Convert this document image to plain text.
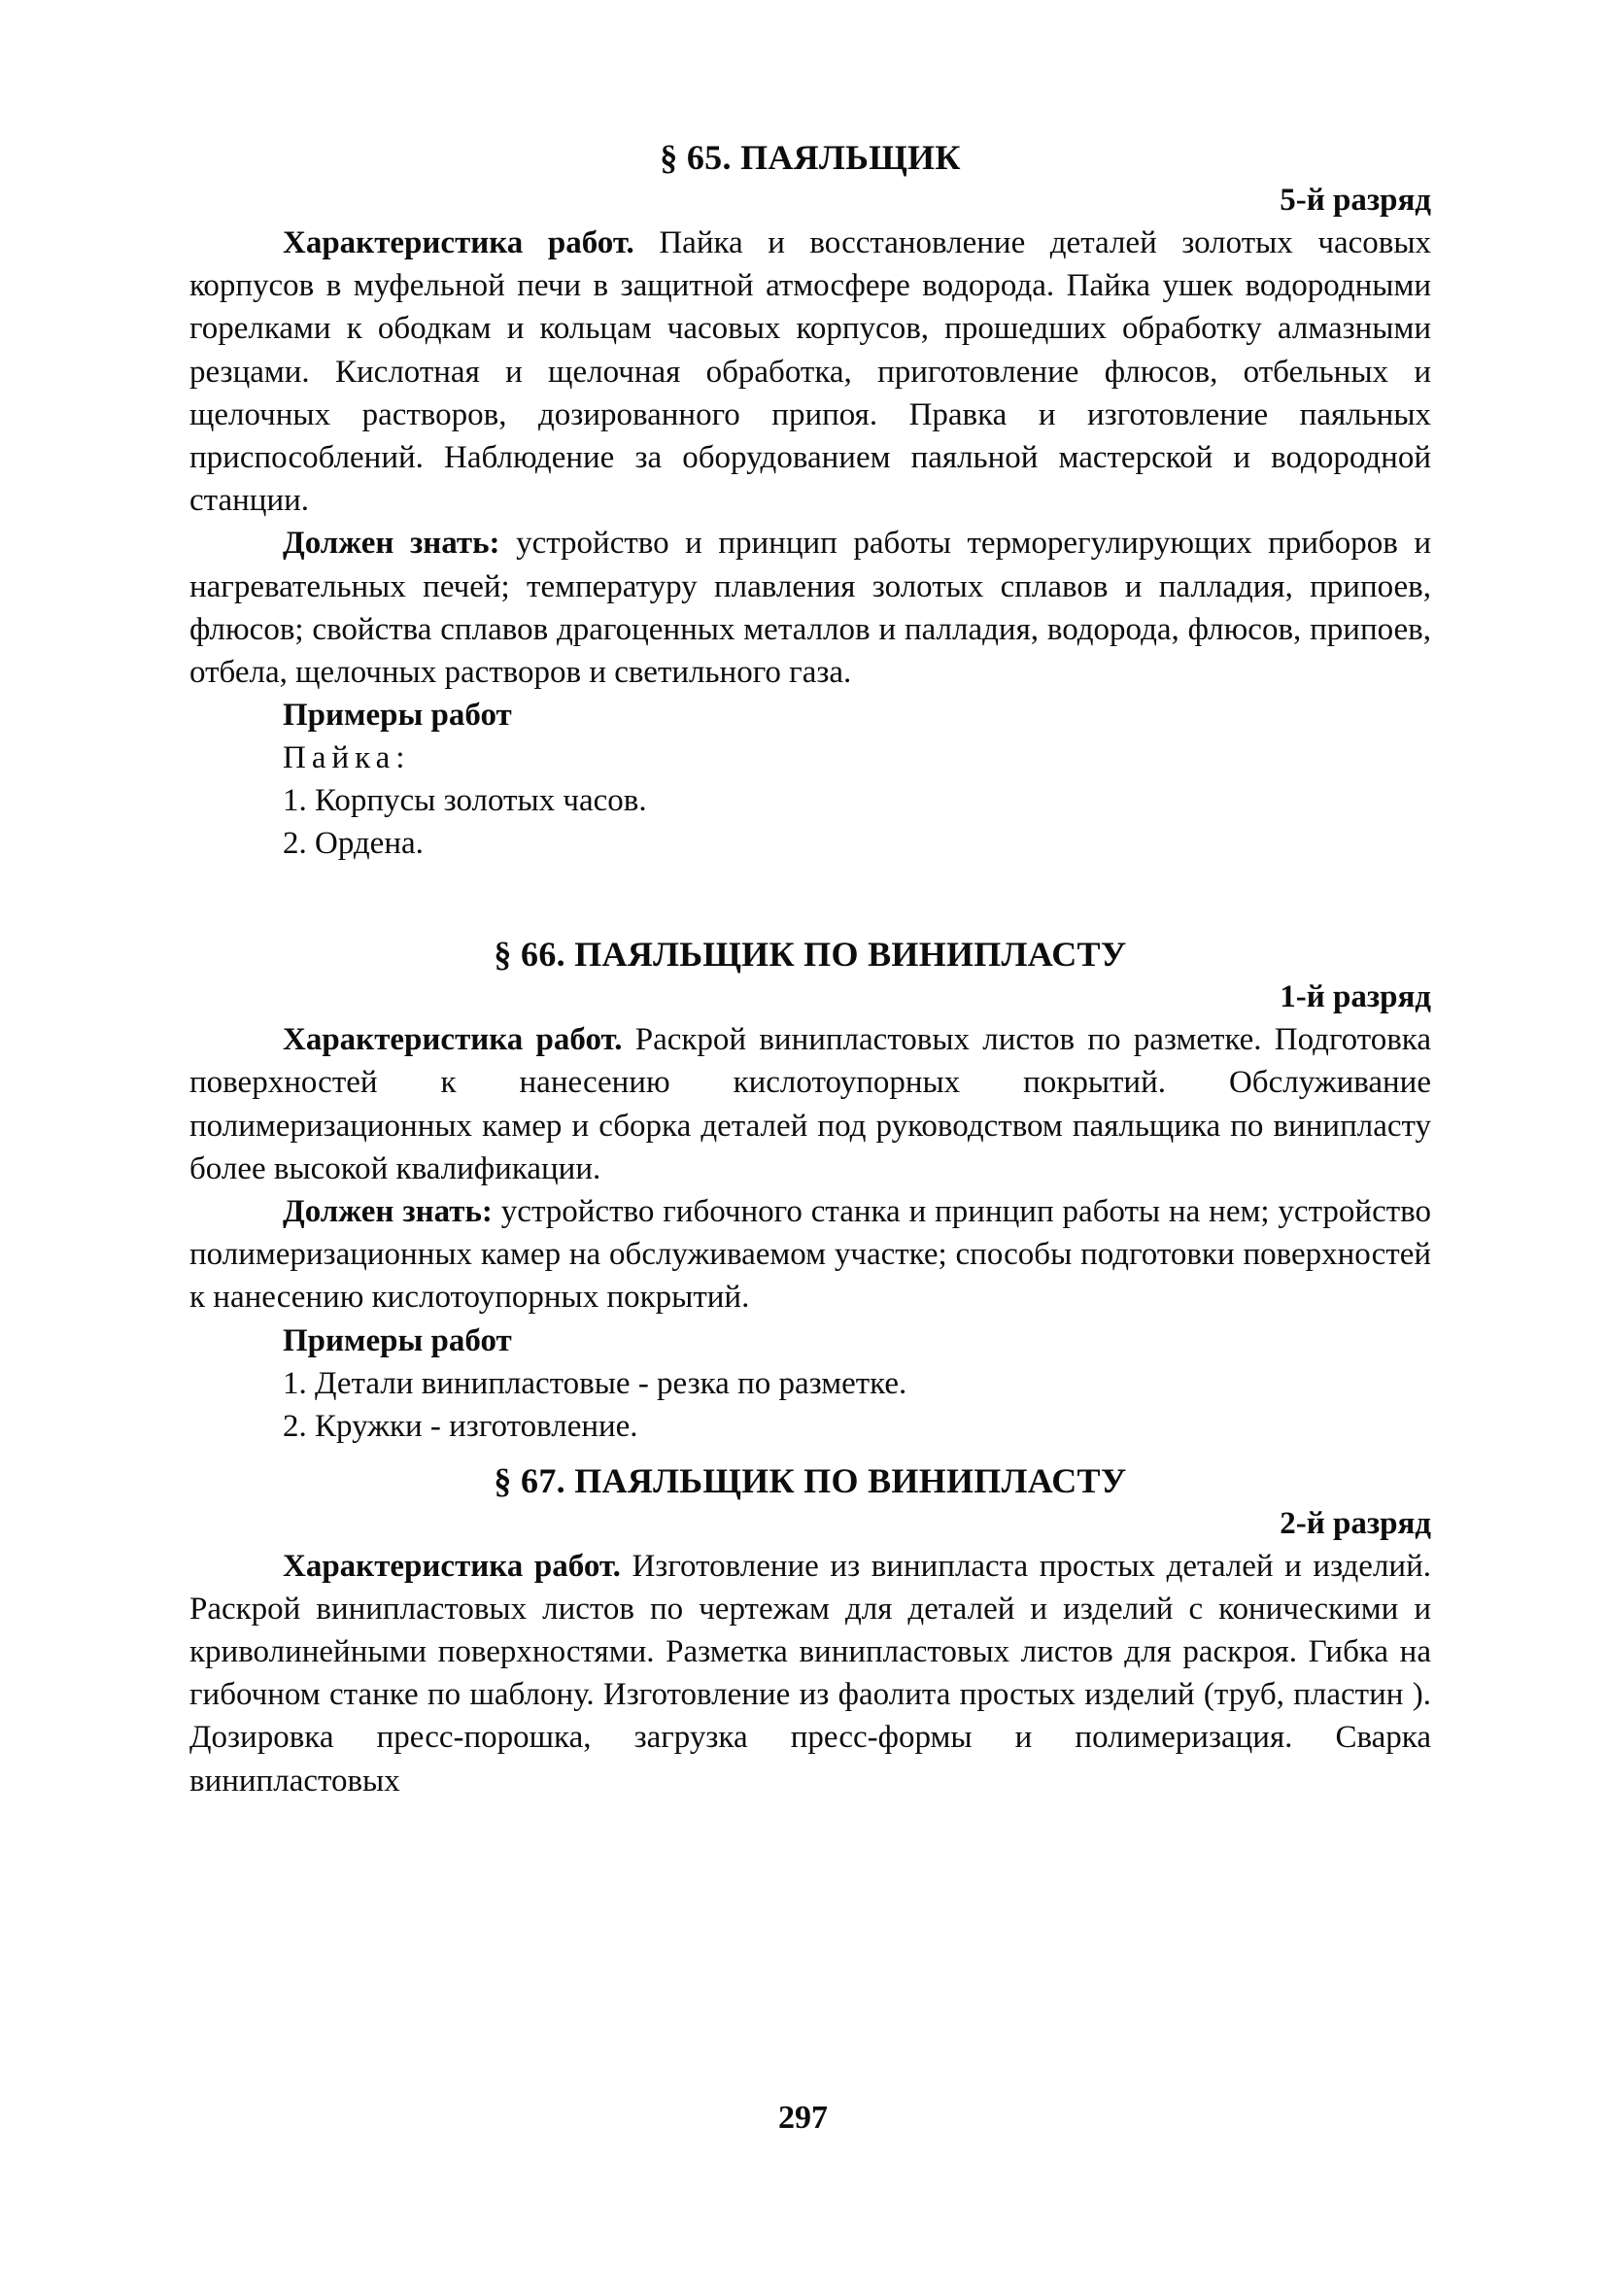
§ 65. ПАЯЛЬЩИК

5-й разряд

Характеристика работ. Пайка и восстановление деталей золотых часовых корпусов в муфельной печи в защитной атмосфере водорода. Пайка ушек водородными горелками к ободкам и кольцам часовых корпусов, прошедших обработку алмазными резцами. Кислотная и щелочная обработка, приготовление флюсов, отбельных и щелочных растворов, дозированного припоя. Правка и изготовление паяльных приспособлений. Наблюдение за оборудованием паяльной мастерской и водородной станции.

Должен знать: устройство и принцип работы терморегулирующих приборов и нагревательных печей; температуру плавления золотых сплавов и палладия, припоев, флюсов; свойства сплавов драгоценных металлов и палладия, водорода, флюсов, припоев, отбела, щелочных растворов и светильного газа.

Примеры работ

Пайка:

1. Корпусы золотых часов.

2. Ордена.

§ 66. ПАЯЛЬЩИК ПО ВИНИПЛАСТУ

1-й разряд

Характеристика работ. Раскрой винипластовых листов по разметке. Подготовка поверхностей к нанесению кислотоупорных покрытий. Обслуживание полимеризационных камер и сборка деталей под руководством паяльщика по винипласту более высокой квалификации.

Должен знать: устройство гибочного станка и принцип работы на нем; устройство полимеризационных камер на обслуживаемом участке; способы подготовки поверхностей к нанесению кислотоупорных покрытий.

Примеры работ

1. Детали винипластовые - резка по разметке.

2. Кружки - изготовление.

§ 67. ПАЯЛЬЩИК ПО ВИНИПЛАСТУ

2-й разряд

Характеристика работ. Изготовление из винипласта простых деталей и изделий. Раскрой винипластовых листов по чертежам для деталей и изделий с коническими и криволинейными поверхностями. Разметка винипластовых листов для раскроя. Гибка на гибочном станке по шаблону. Изготовление из фаолита простых изделий (труб, пластин ). Дозировка пресс-порошка, загрузка пресс-формы и полимеризация. Сварка винипластовых

297
